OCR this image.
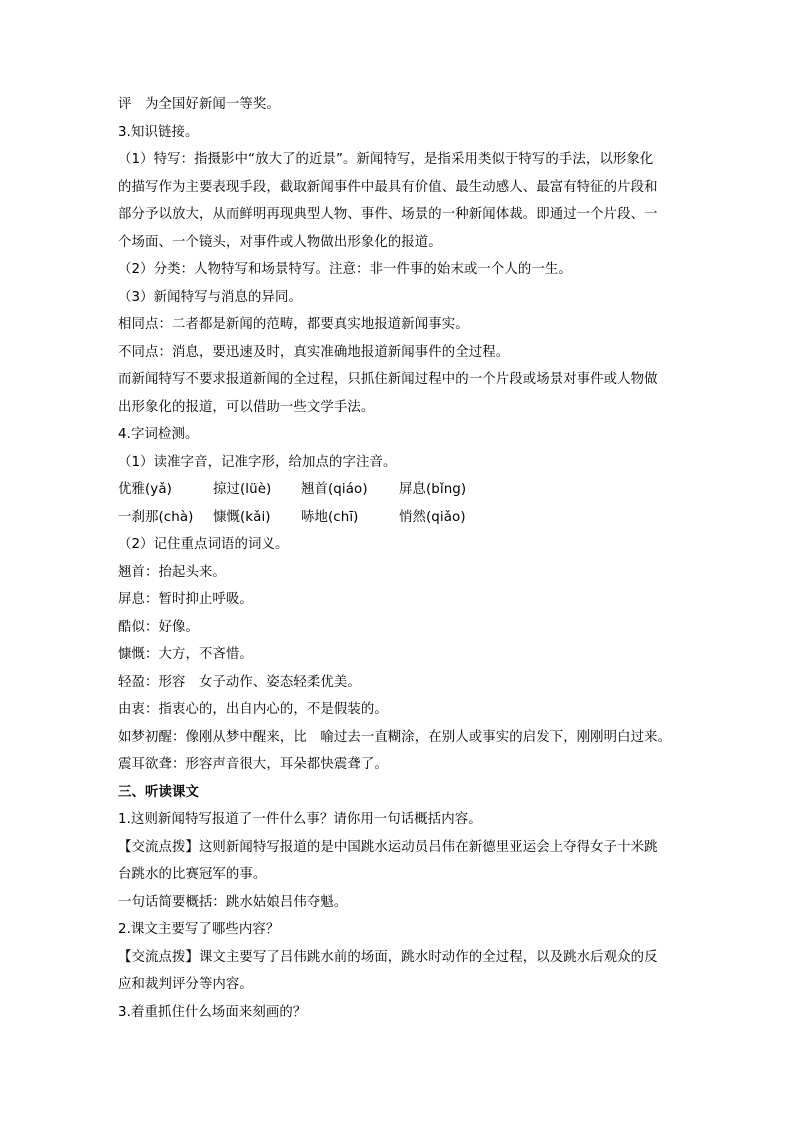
评　为全国好新闻一等奖。
3.知识链接。
（1）特写：指摄影中“放大了的近景”。新闻特写，是指采用类似于特写的手法，以形象化
的描写作为主要表现手段，截取新闻事件中最具有价值、最生动感人、最富有特征的片段和
部分予以放大，从而鲜明再现典型人物、事件、场景的一种新闻体裁。即通过一个片段、一
个场面、一个镜头，对事件或人物做出形象化的报道。
（2）分类：人物特写和场景特写。注意：非一件事的始末或一个人的一生。
（3）新闻特写与消息的异同。
相同点：二者都是新闻的范畴，都要真实地报道新闻事实。
不同点：消息，要迅速及时，真实准确地报道新闻事件的全过程。
而新闻特写不要求报道新闻的全过程，只抓住新闻过程中的一个片段或场景对事件或人物做
出形象化的报道，可以借助一些文学手法。
4.字词检测。
（1）读准字音，记准字形，给加点的字注音。
优雅(yǎ)	掠过(lüè)	翘首(qiáo)	屏息(bǐng)
一刹那(chà)	慷慨(kǎi)	哧地(chī)	悄然(qiǎo)
（2）记住重点词语的词义。
翘首：抬起头来。
屏息：暂时抑止呼吸。
酷似：好像。
慷慨：大方，不吝惜。
轻盈：形容　女子动作、姿态轻柔优美。
由衷：指衷心的，出自内心的，不是假装的。
如梦初醒：像刚从梦中醒来，比　喻过去一直糊涂，在别人或事实的启发下，刚刚明白过来。
震耳欲聋：形容声音很大，耳朵都快震聋了。
三、听读课文
1.这则新闻特写报道了一件什么事？请你用一句话概括内容。
【交流点拨】这则新闻特写报道的是中国跳水运动员吕伟在新德里亚运会上夺得女子十米跳
台跳水的比赛冠军的事。
一句话简要概括：跳水姑娘吕伟夺魁。
2.课文主要写了哪些内容？
【交流点拨】课文主要写了吕伟跳水前的场面，跳水时动作的全过程，以及跳水后观众的反
应和裁判评分等内容。
3.着重抓住什么场面来刻画的？
